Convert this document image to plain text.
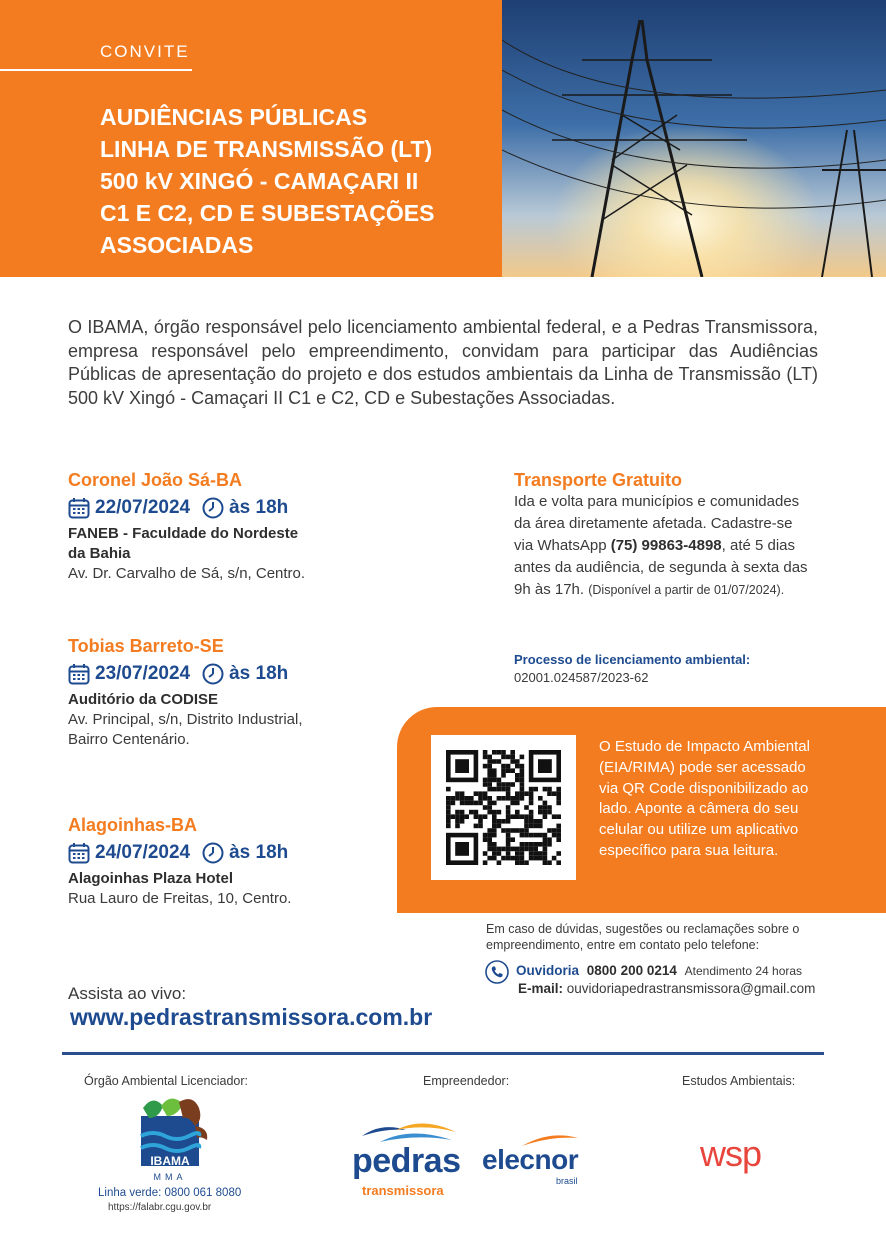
CONVITE
AUDIÊNCIAS PÚBLICAS
LINHA DE TRANSMISSÃO (LT)
500 kV XINGÓ - CAMAÇARI II
C1 E C2, CD E SUBESTAÇÕES
ASSOCIADAS
O IBAMA, órgão responsável pelo licenciamento ambiental federal, e a Pedras Transmissora, empresa responsável pelo empreendimento, convidam para participar das Audiências Públicas de apresentação do projeto e dos estudos ambientais da Linha de Transmissão (LT) 500 kV Xingó - Camaçari II C1 e C2, CD e Subestações Associadas.
Coronel João Sá-BA
22/07/2024 às 18h
FANEB - Faculdade do Nordeste
da Bahia
Av. Dr. Carvalho de Sá, s/n, Centro.
Tobias Barreto-SE
23/07/2024 às 18h
Auditório da CODISE
Av. Principal, s/n, Distrito Industrial,
Bairro Centenário.
Alagoinhas-BA
24/07/2024 às 18h
Alagoinhas Plaza Hotel
Rua Lauro de Freitas, 10, Centro.
Transporte Gratuito
Ida e volta para municípios e comunidades da área diretamente afetada. Cadastre-se via WhatsApp (75) 99863-4898, até 5 dias antes da audiência, de segunda à sexta das 9h às 17h. (Disponível a partir de 01/07/2024).
Processo de licenciamento ambiental:
02001.024587/2023-62
O Estudo de Impacto Ambiental (EIA/RIMA) pode ser acessado via QR Code disponibilizado ao lado. Aponte a câmera do seu celular ou utilize um aplicativo específico para sua leitura.
Em caso de dúvidas, sugestões ou reclamações sobre o empreendimento, entre em contato pelo telefone:
Ouvidoria 0800 200 0214 Atendimento 24 horas
E-mail: ouvidoriapedrastransmissora@gmail.com
Assista ao vivo:
www.pedrastransmissora.com.br
Órgão Ambiental Licenciador:	Empreendedor:	Estudos Ambientais:
IBAMA
MMA
Linha verde: 0800 061 8080
https://falabr.cgu.gov.br
pedras
transmissora
elecnor
brasil
wsp
